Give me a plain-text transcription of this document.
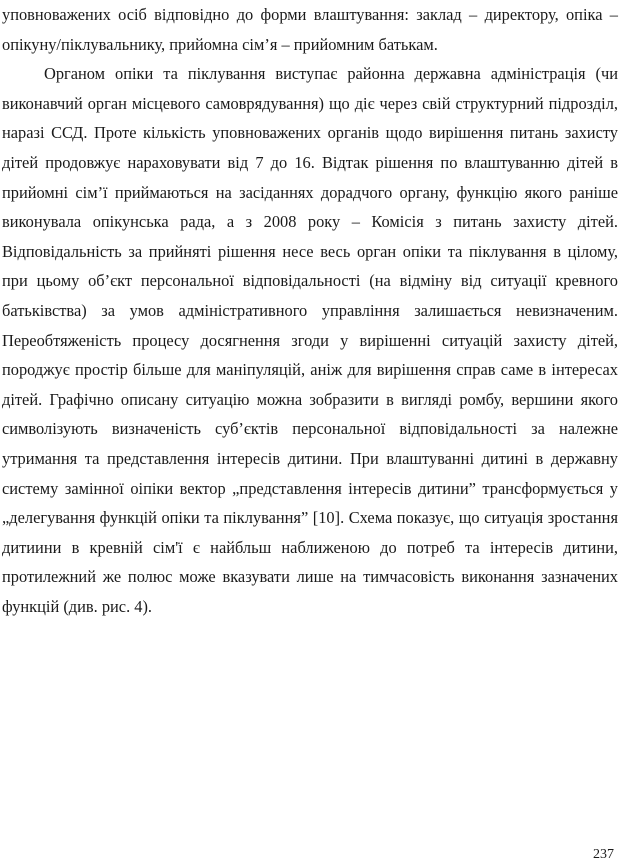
уповноважених осіб відповідно до форми влаштування: заклад – директору, опіка – опікуну/піклувальнику, прийомна сім’я – прийомним батькам.

Органом опіки та піклування виступає районна державна адміністрація (чи виконавчий орган місцевого самоврядування) що діє через свій структурний підрозділ, наразі ССД. Проте кількість уповноважених органів щодо вирішення питань захисту дітей продовжує нараховувати від 7 до 16. Відтак рішення по влаштуванню дітей в прийомні сім’ї приймаються на засіданнях дорадчого органу, функцію якого раніше виконувала опікунська рада, а з 2008 року – Комісія з питань захисту дітей. Відповідальність за прийняті рішення несе весь орган опіки та піклування в цілому, при цьому об’єкт персональної відповідальності (на відміну від ситуації кревного батьківства) за умов адміністративного управління залишається невизначеним. Переобтяженість процесу досягнення згоди у вирішенні ситуацій захисту дітей, породжує простір більше для маніпуляцій, аніж для вирішення справ саме в інтересах дітей. Графічно описану ситуацію можна зобразити в вигляді ромбу, вершини якого символізують визначеність суб’єктів персональної відповідальності за належне утримання та представлення інтересів дитини. При влаштуванні дитині в державну систему замінної оіпіки вектор „представлення інтересів дитини” трансформується у „делегування функцій опіки та піклування” [10]. Схема показує, що ситуація зростання дитиини в кревній сім'ї є найбльш наближеною до потреб та інтересів дитини, протилежний же полюс може вказувати лише на тимчасовість виконання зазначених функцій (див. рис. 4).

237
